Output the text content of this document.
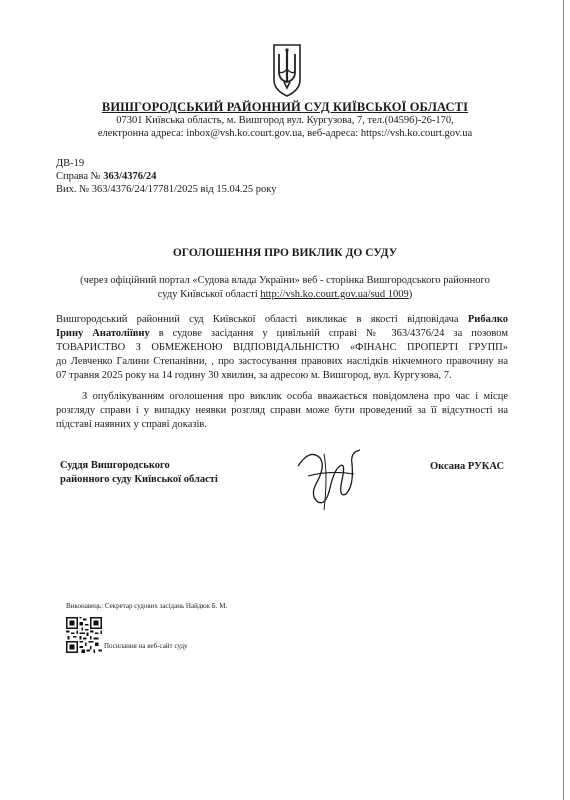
ВИШГОРОДСЬКИЙ РАЙОННИЙ СУД КИЇВСЬКОЇ ОБЛАСТІ
07301 Київська область, м. Вишгород вул. Кургузова, 7, тел.(04596)-26-170,
електронна адреса: inbox@vsh.ko.court.gov.ua, веб-адреса: https://vsh.ko.court.gov.ua
ДВ-19
Справа № 363/4376/24
Вих. № 363/4376/24/17781/2025 від 15.04.25 року
ОГОЛОШЕННЯ ПРО ВИКЛИК ДО СУДУ
(через офіційний портал «Судова влада України» веб - сторінка Вишгородського районного
суду Київської області http://vsh.ko.court.gov.ua/sud 1009)
Вишгородський районний суд Київської області викликає в якості відповідача Рибалко
Ірину Анатоліївну в судове засідання у цивільній справі № 363/4376/24 за позовом
ТОВАРИСТВО З ОБМЕЖЕНОЮ ВІДПОВІДАЛЬНІСТЮ «ФІНАНС ПРОПЕРТІ ГРУПП»
до Левченко Галини Степанівни, , про застосування правових наслідків нікчемного правочину на
07 травня 2025 року на 14 годину 30 хвилин, за адресою м. Вишгород, вул. Кургузова, 7.
З опублікуванням оголошення про виклик особа вважається повідомлена про час і місце
розгляду справи і у випадку неявки розгляд справи може бути проведений за її відсутності на
підставі наявних у справі доказів.
Суддя Вишгородського
районного суду Київської області
Оксана РУКАС
Виконавець: Секретар судових засідань Найдюк Б. М.
Посилання на веб-сайт суду
